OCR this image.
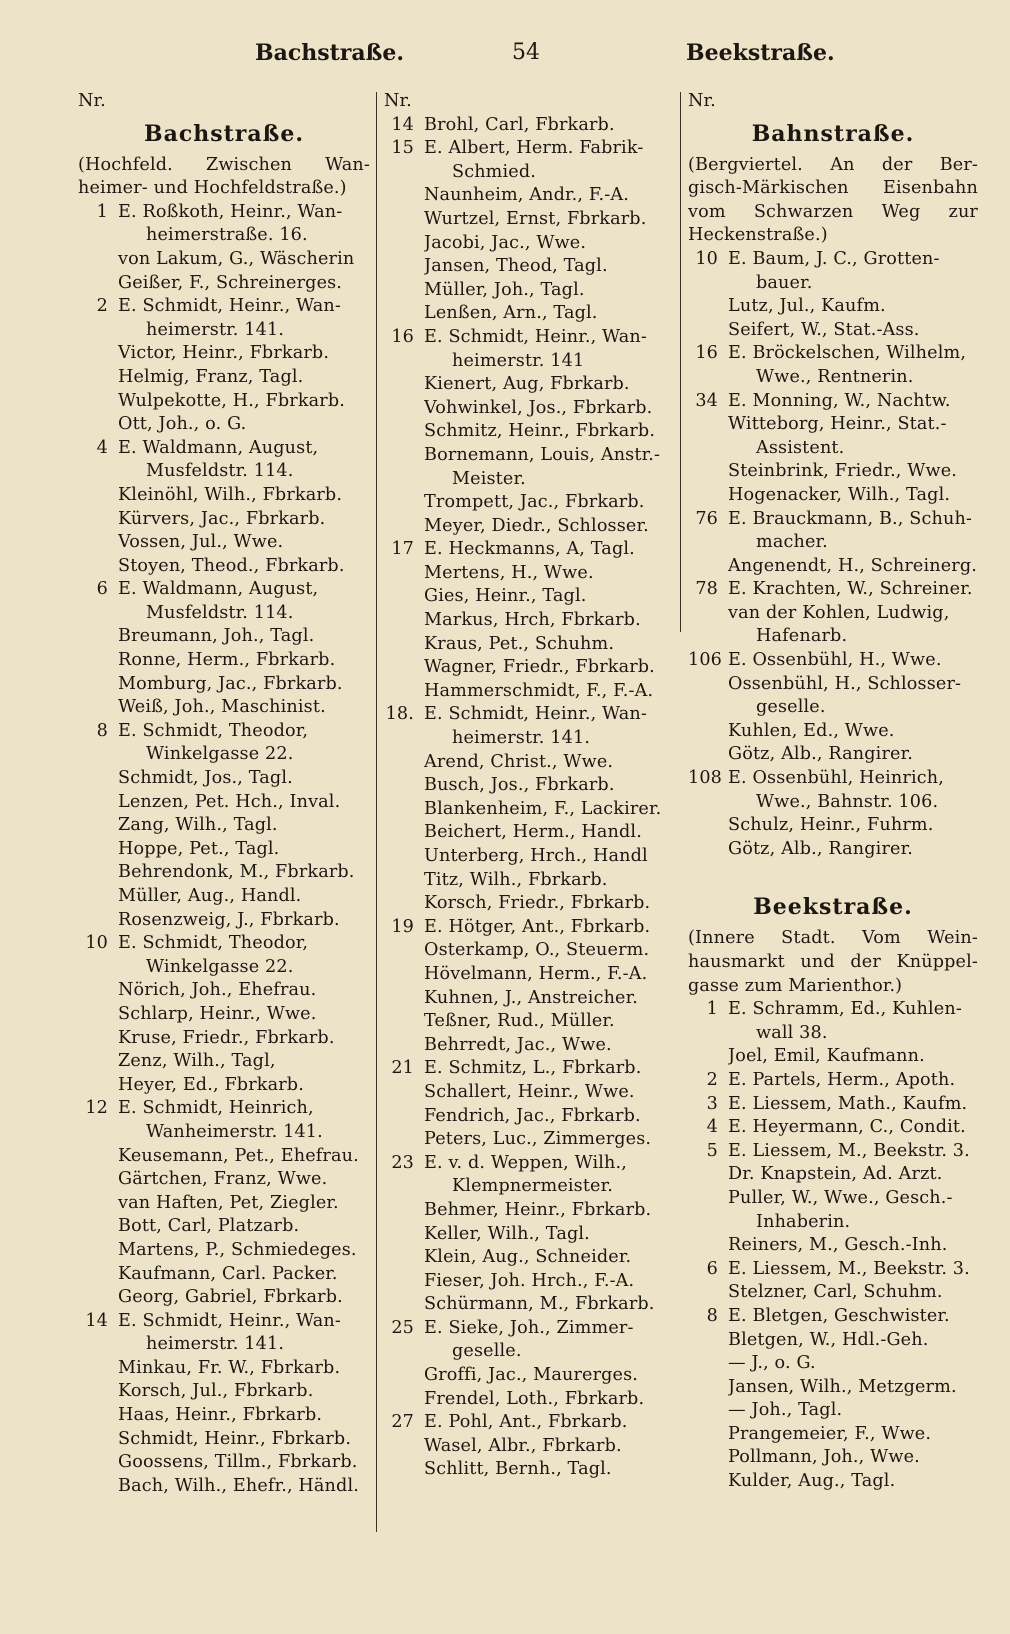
Bachstraße.	54	Beekstraße.
Nr.
Bachstraße.
(Hochfeld. Zwischen Wan-
heimer- und Hochfeldstraße.)
1 E. Roßkoth, Heinr., Wan-
heimerstraße. 16.
von Lakum, G., Wäscherin
Geißer, F., Schreinerges.
2 E. Schmidt, Heinr., Wan-
heimerstr. 141.
Victor, Heinr., Fbrkarb.
Helmig, Franz, Tagl.
Wulpekotte, H., Fbrkarb.
Ott, Joh., o. G.
4 E. Waldmann, August,
Musfeldstr. 114.
Kleinöhl, Wilh., Fbrkarb.
Kürvers, Jac., Fbrkarb.
Vossen, Jul., Wwe.
Stoyen, Theod., Fbrkarb.
6 E. Waldmann, August,
Musfeldstr. 114.
Breumann, Joh., Tagl.
Ronne, Herm., Fbrkarb.
Momburg, Jac., Fbrkarb.
Weiß, Joh., Maschinist.
8 E. Schmidt, Theodor,
Winkelgasse 22.
Schmidt, Jos., Tagl.
Lenzen, Pet. Hch., Inval.
Zang, Wilh., Tagl.
Hoppe, Pet., Tagl.
Behrendonk, M., Fbrkarb.
Müller, Aug., Handl.
Rosenzweig, J., Fbrkarb.
10 E. Schmidt, Theodor,
Winkelgasse 22.
Nörich, Joh., Ehefrau.
Schlarp, Heinr., Wwe.
Kruse, Friedr., Fbrkarb.
Zenz, Wilh., Tagl,
Heyer, Ed., Fbrkarb.
12 E. Schmidt, Heinrich,
Wanheimerstr. 141.
Keusemann, Pet., Ehefrau.
Gärtchen, Franz, Wwe.
van Haften, Pet, Ziegler.
Bott, Carl, Platzarb.
Martens, P., Schmiedeges.
Kaufmann, Carl. Packer.
Georg, Gabriel, Fbrkarb.
14 E. Schmidt, Heinr., Wan-
heimerstr. 141.
Minkau, Fr. W., Fbrkarb.
Korsch, Jul., Fbrkarb.
Haas, Heinr., Fbrkarb.
Schmidt, Heinr., Fbrkarb.
Goossens, Tillm., Fbrkarb.
Bach, Wilh., Ehefr., Händl.
Nr.
14 Brohl, Carl, Fbrkarb.
15 E. Albert, Herm. Fabrik-
Schmied.
Naunheim, Andr., F.-A.
Wurtzel, Ernst, Fbrkarb.
Jacobi, Jac., Wwe.
Jansen, Theod, Tagl.
Müller, Joh., Tagl.
Lenßen, Arn., Tagl.
16 E. Schmidt, Heinr., Wan-
heimerstr. 141
Kienert, Aug, Fbrkarb.
Vohwinkel, Jos., Fbrkarb.
Schmitz, Heinr., Fbrkarb.
Bornemann, Louis, Anstr.-
Meister.
Trompett, Jac., Fbrkarb.
Meyer, Diedr., Schlosser.
17 E. Heckmanns, A, Tagl.
Mertens, H., Wwe.
Gies, Heinr., Tagl.
Markus, Hrch, Fbrkarb.
Kraus, Pet., Schuhm.
Wagner, Friedr., Fbrkarb.
Hammerschmidt, F., F.-A.
18. E. Schmidt, Heinr., Wan-
heimerstr. 141.
Arend, Christ., Wwe.
Busch, Jos., Fbrkarb.
Blankenheim, F., Lackirer.
Beichert, Herm., Handl.
Unterberg, Hrch., Handl
Titz, Wilh., Fbrkarb.
Korsch, Friedr., Fbrkarb.
19 E. Hötger, Ant., Fbrkarb.
Osterkamp, O., Steuerm.
Hövelmann, Herm., F.-A.
Kuhnen, J., Anstreicher.
Teßner, Rud., Müller.
Behrredt, Jac., Wwe.
21 E. Schmitz, L., Fbrkarb.
Schallert, Heinr., Wwe.
Fendrich, Jac., Fbrkarb.
Peters, Luc., Zimmerges.
23 E. v. d. Weppen, Wilh.,
Klempnermeister.
Behmer, Heinr., Fbrkarb.
Keller, Wilh., Tagl.
Klein, Aug., Schneider.
Fieser, Joh. Hrch., F.-A.
Schürmann, M., Fbrkarb.
25 E. Sieke, Joh., Zimmer-
geselle.
Groffi, Jac., Maurerges.
Frendel, Loth., Fbrkarb.
27 E. Pohl, Ant., Fbrkarb.
Wasel, Albr., Fbrkarb.
Schlitt, Bernh., Tagl.
Nr.
Bahnstraße.
(Bergviertel. An der Ber-
gisch-Märkischen Eisenbahn
vom Schwarzen Weg zur
Heckenstraße.)
10 E. Baum, J. C., Grotten-
bauer.
Lutz, Jul., Kaufm.
Seifert, W., Stat.-Ass.
16 E. Bröckelschen, Wilhelm,
Wwe., Rentnerin.
34 E. Monning, W., Nachtw.
Witteborg, Heinr., Stat.-
Assistent.
Steinbrink, Friedr., Wwe.
Hogenacker, Wilh., Tagl.
76 E. Brauckmann, B., Schuh-
macher.
Angenendt, H., Schreinerg.
78 E. Krachten, W., Schreiner.
van der Kohlen, Ludwig,
Hafenarb.
106 E. Ossenbühl, H., Wwe.
Ossenbühl, H., Schlosser-
geselle.
Kuhlen, Ed., Wwe.
Götz, Alb., Rangirer.
108 E. Ossenbühl, Heinrich,
Wwe., Bahnstr. 106.
Schulz, Heinr., Fuhrm.
Götz, Alb., Rangirer.
Beekstraße.
(Innere Stadt. Vom Wein-
hausmarkt und der Knüppel-
gasse zum Marienthor.)
1 E. Schramm, Ed., Kuhlen-
wall 38.
Joel, Emil, Kaufmann.
2 E. Partels, Herm., Apoth.
3 E. Liessem, Math., Kaufm.
4 E. Heyermann, C., Condit.
5 E. Liessem, M., Beekstr. 3.
Dr. Knapstein, Ad. Arzt.
Puller, W., Wwe., Gesch.-
Inhaberin.
Reiners, M., Gesch.-Inh.
6 E. Liessem, M., Beekstr. 3.
Stelzner, Carl, Schuhm.
8 E. Bletgen, Geschwister.
Bletgen, W., Hdl.-Geh.
— J., o. G.
Jansen, Wilh., Metzgerm.
— Joh., Tagl.
Prangemeier, F., Wwe.
Pollmann, Joh., Wwe.
Kulder, Aug., Tagl.
